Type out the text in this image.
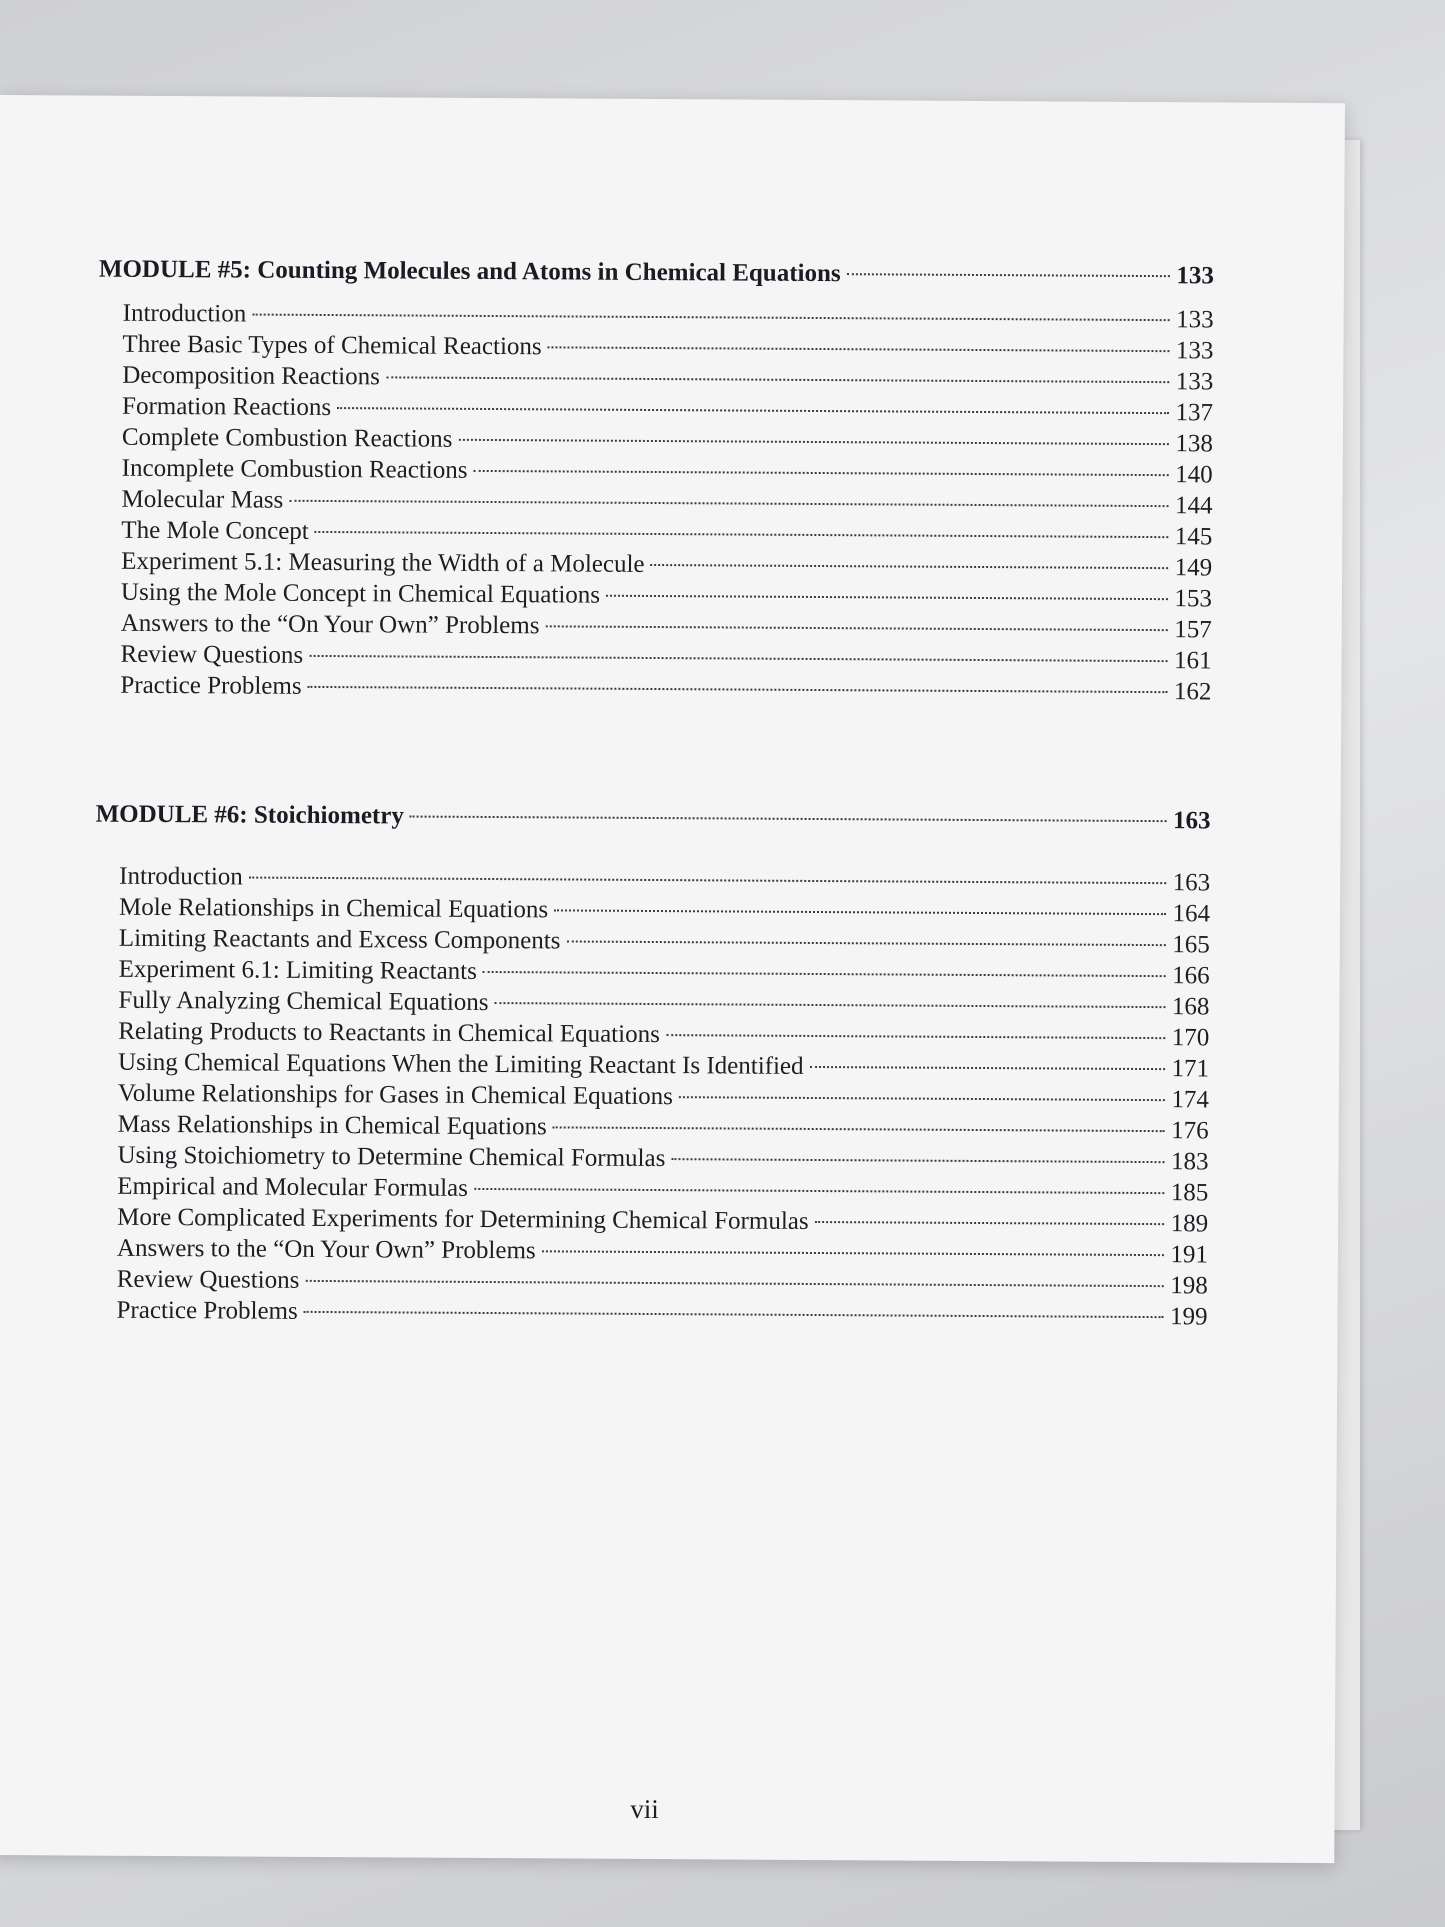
MODULE #5: Counting Molecules and Atoms in Chemical Equations	133
Introduction	133
Three Basic Types of Chemical Reactions	133
Decomposition Reactions	133
Formation Reactions	137
Complete Combustion Reactions	138
Incomplete Combustion Reactions	140
Molecular Mass	144
The Mole Concept	145
Experiment 5.1: Measuring the Width of a Molecule	149
Using the Mole Concept in Chemical Equations	153
Answers to the “On Your Own” Problems	157
Review Questions	161
Practice Problems	162
MODULE #6: Stoichiometry	163
Introduction	163
Mole Relationships in Chemical Equations	164
Limiting Reactants and Excess Components	165
Experiment 6.1: Limiting Reactants	166
Fully Analyzing Chemical Equations	168
Relating Products to Reactants in Chemical Equations	170
Using Chemical Equations When the Limiting Reactant Is Identified	171
Volume Relationships for Gases in Chemical Equations	174
Mass Relationships in Chemical Equations	176
Using Stoichiometry to Determine Chemical Formulas	183
Empirical and Molecular Formulas	185
More Complicated Experiments for Determining Chemical Formulas	189
Answers to the “On Your Own” Problems	191
Review Questions	198
Practice Problems	199
vii
